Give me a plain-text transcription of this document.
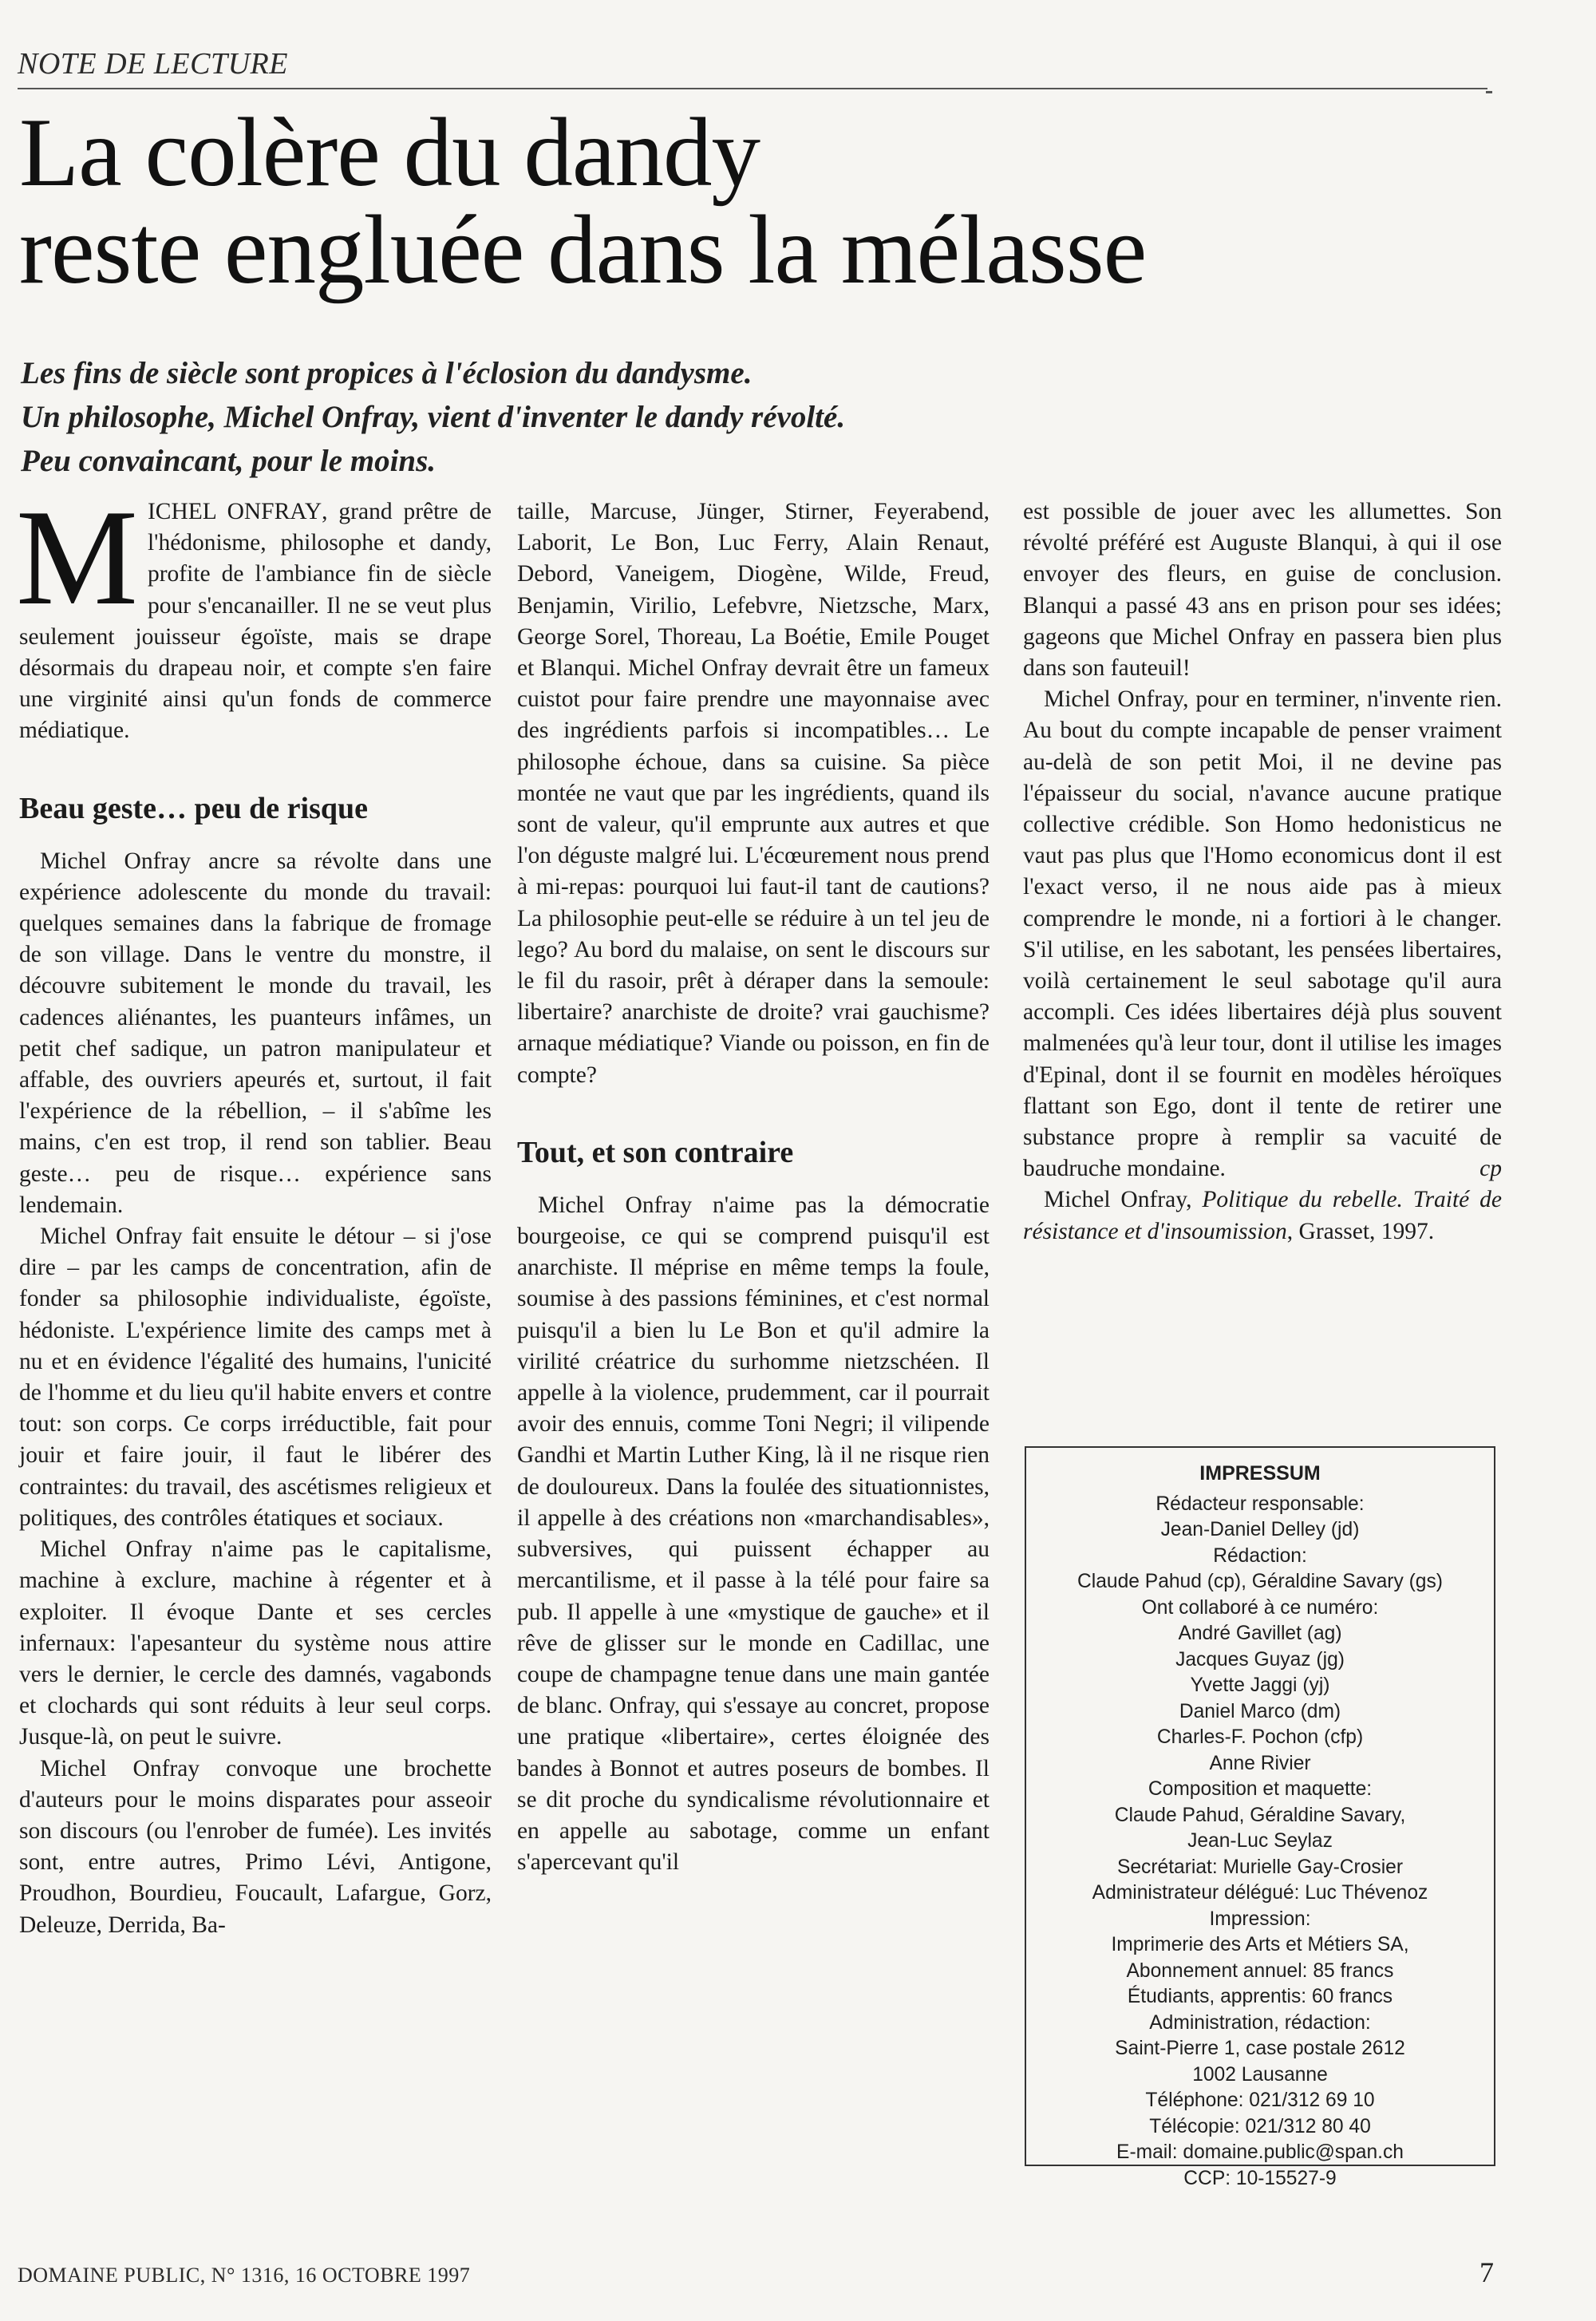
NOTE DE LECTURE
La colère du dandy
reste engluée dans la mélasse
Les fins de siècle sont propices à l'éclosion du dandysme.
Un philosophe, Michel Onfray, vient d'inventer le dandy révolté.
Peu convaincant, pour le moins.

MICHEL ONFRAY, grand prêtre de l'hédonisme, philosophe et dandy, profite de l'ambiance fin de siècle pour s'encanailler. Il ne se veut plus seulement jouisseur égoïste, mais se drape désormais du drapeau noir, et compte s'en faire une virginité ainsi qu'un fonds de commerce médiatique.

Beau geste… peu de risque

Michel Onfray ancre sa révolte dans une expérience adolescente du monde du travail: quelques semaines dans la fabrique de fromage de son village. Dans le ventre du monstre, il découvre subitement le monde du travail, les cadences aliénantes, les puanteurs infâmes, un petit chef sadique, un patron manipulateur et affable, des ouvriers apeurés et, surtout, il fait l'expérience de la rébellion, – il s'abîme les mains, c'en est trop, il rend son tablier. Beau geste… peu de risque… expérience sans lendemain.

Michel Onfray fait ensuite le détour – si j'ose dire – par les camps de concentration, afin de fonder sa philosophie individualiste, égoïste, hédoniste. L'expérience limite des camps met à nu et en évidence l'égalité des humains, l'unicité de l'homme et du lieu qu'il habite envers et contre tout: son corps. Ce corps irréductible, fait pour jouir et faire jouir, il faut le libérer des contraintes: du travail, des ascétismes religieux et politiques, des contrôles étatiques et sociaux.

Michel Onfray n'aime pas le capitalisme, machine à exclure, machine à régenter et à exploiter. Il évoque Dante et ses cercles infernaux: l'apesanteur du système nous attire vers le dernier, le cercle des damnés, vagabonds et clochards qui sont réduits à leur seul corps. Jusque-là, on peut le suivre.

Michel Onfray convoque une brochette d'auteurs pour le moins disparates pour asseoir son discours (ou l'enrober de fumée). Les invités sont, entre autres, Primo Lévi, Antigone, Proudhon, Bourdieu, Foucault, Lafargue, Gorz, Deleuze, Derrida, Ba-

taille, Marcuse, Jünger, Stirner, Feyerabend, Laborit, Le Bon, Luc Ferry, Alain Renaut, Debord, Vaneigem, Diogène, Wilde, Freud, Benjamin, Virilio, Lefebvre, Nietzsche, Marx, George Sorel, Thoreau, La Boétie, Emile Pouget et Blanqui. Michel Onfray devrait être un fameux cuistot pour faire prendre une mayonnaise avec des ingrédients parfois si incompatibles… Le philosophe échoue, dans sa cuisine. Sa pièce montée ne vaut que par les ingrédients, quand ils sont de valeur, qu'il emprunte aux autres et que l'on déguste malgré lui. L'écœurement nous prend à mi-repas: pourquoi lui faut-il tant de cautions? La philosophie peut-elle se réduire à un tel jeu de lego? Au bord du malaise, on sent le discours sur le fil du rasoir, prêt à déraper dans la semoule: libertaire? anarchiste de droite? vrai gauchisme? arnaque médiatique? Viande ou poisson, en fin de compte?

Tout, et son contraire

Michel Onfray n'aime pas la démocratie bourgeoise, ce qui se comprend puisqu'il est anarchiste. Il méprise en même temps la foule, soumise à des passions féminines, et c'est normal puisqu'il a bien lu Le Bon et qu'il admire la virilité créatrice du surhomme nietzschéen. Il appelle à la violence, prudemment, car il pourrait avoir des ennuis, comme Toni Negri; il vilipende Gandhi et Martin Luther King, là il ne risque rien de douloureux. Dans la foulée des situationnistes, il appelle à des créations non «marchandisables», subversives, qui puissent échapper au mercantilisme, et il passe à la télé pour faire sa pub. Il appelle à une «mystique de gauche» et il rêve de glisser sur le monde en Cadillac, une coupe de champagne tenue dans une main gantée de blanc. Onfray, qui s'essaye au concret, propose une pratique «libertaire», certes éloignée des bandes à Bonnot et autres poseurs de bombes. Il se dit proche du syndicalisme révolutionnaire et en appelle au sabotage, comme un enfant s'apercevant qu'il

est possible de jouer avec les allumettes. Son révolté préféré est Auguste Blanqui, à qui il ose envoyer des fleurs, en guise de conclusion. Blanqui a passé 43 ans en prison pour ses idées; gageons que Michel Onfray en passera bien plus dans son fauteuil!

Michel Onfray, pour en terminer, n'invente rien. Au bout du compte incapable de penser vraiment au-delà de son petit Moi, il ne devine pas l'épaisseur du social, n'avance aucune pratique collective crédible. Son Homo hedonisticus ne vaut pas plus que l'Homo economicus dont il est l'exact verso, il ne nous aide pas à mieux comprendre le monde, ni a fortiori à le changer. S'il utilise, en les sabotant, les pensées libertaires, voilà certainement le seul sabotage qu'il aura accompli. Ces idées libertaires déjà plus souvent malmenées qu'à leur tour, dont il utilise les images d'Epinal, dont il se fournit en modèles héroïques flattant son Ego, dont il tente de retirer une substance propre à remplir sa vacuité de baudruche mondaine.	cp

Michel Onfray, Politique du rebelle. Traité de résistance et d'insoumission, Grasset, 1997.

IMPRESSUM
Rédacteur responsable:
Jean-Daniel Delley (jd)
Rédaction:
Claude Pahud (cp), Géraldine Savary (gs)
Ont collaboré à ce numéro:
André Gavillet (ag)
Jacques Guyaz (jg)
Yvette Jaggi (yj)
Daniel Marco (dm)
Charles-F. Pochon (cfp)
Anne Rivier
Composition et maquette:
Claude Pahud, Géraldine Savary,
Jean-Luc Seylaz
Secrétariat: Murielle Gay-Crosier
Administrateur délégué: Luc Thévenoz
Impression:
Imprimerie des Arts et Métiers SA,
Abonnement annuel: 85 francs
Étudiants, apprentis: 60 francs
Administration, rédaction:
Saint-Pierre 1, case postale 2612
1002 Lausanne
Téléphone: 021/312 69 10
Télécopie: 021/312 80 40
E-mail: domaine.public@span.ch
CCP: 10-15527-9
DOMAINE PUBLIC, N° 1316, 16 OCTOBRE 1997	7
